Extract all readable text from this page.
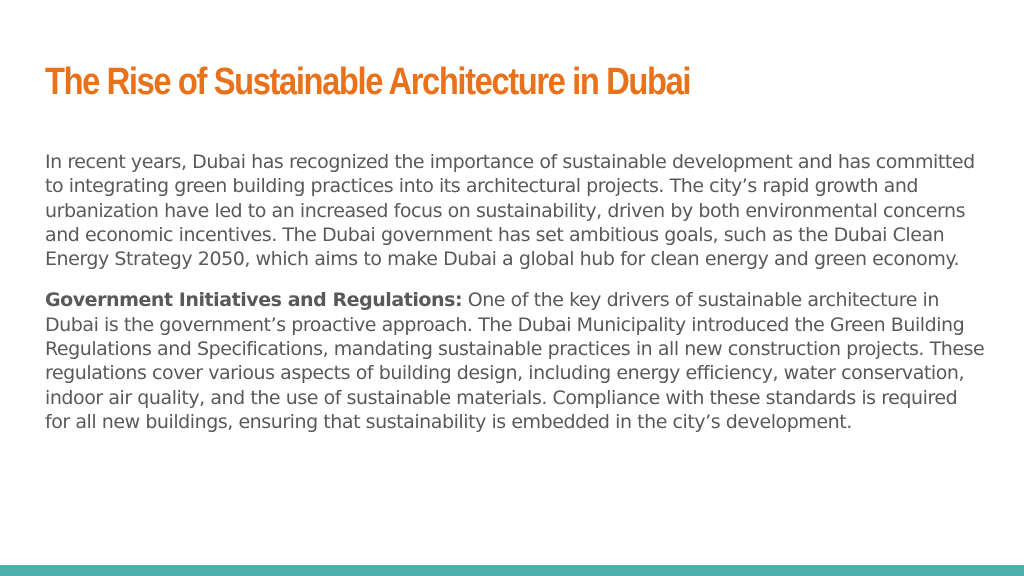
The Rise of Sustainable Architecture in Dubai

In recent years, Dubai has recognized the importance of sustainable development and has committed to integrating green building practices into its architectural projects. The city’s rapid growth and urbanization have led to an increased focus on sustainability, driven by both environmental concerns and economic incentives. The Dubai government has set ambitious goals, such as the Dubai Clean Energy Strategy 2050, which aims to make Dubai a global hub for clean energy and green economy.

Government Initiatives and Regulations: One of the key drivers of sustainable architecture in Dubai is the government’s proactive approach. The Dubai Municipality introduced the Green Building Regulations and Specifications, mandating sustainable practices in all new construction projects. These regulations cover various aspects of building design, including energy efficiency, water conservation, indoor air quality, and the use of sustainable materials. Compliance with these standards is required for all new buildings, ensuring that sustainability is embedded in the city’s development.
